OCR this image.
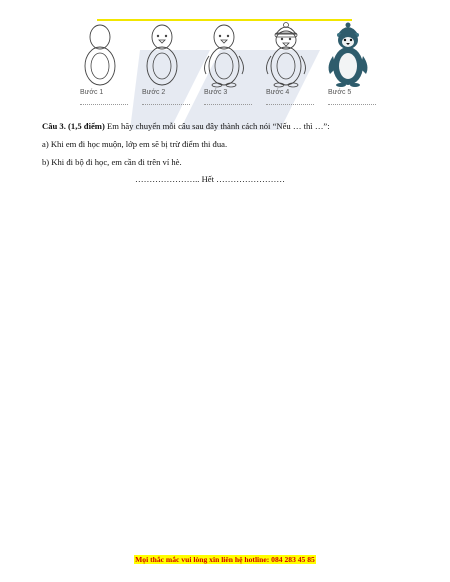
Bước 1	Bước 2	Bước 3	Bước 4	Bước 5
Câu 3. (1,5 điểm) Em hãy chuyển mỗi câu sau đây thành cách nói “Nếu … thì …”:
a) Khi em đi học muộn, lớp em sẽ bị trừ điểm thi đua.
b) Khi đi bộ đi học, em cần đi trên vỉ hè.
………………….. Hết ……………………
Mọi thắc mắc vui lòng xin liên hệ hotline: 084 283 45 85
